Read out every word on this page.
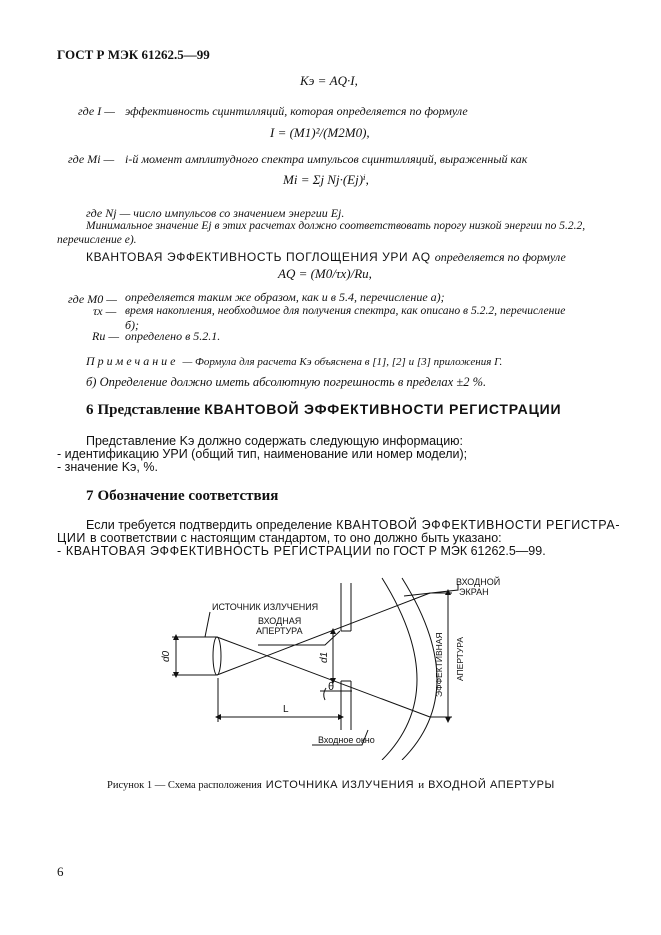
ГОСТ Р МЭК 61262.5—99
Kэ = AQ·I,
где I — эффективность сцинтилляций, которая определяется по формуле
I = (M1)²/(M2M0),
где Mi — i-й момент амплитудного спектра импульсов сцинтилляций, выраженный как
Mi = Σj Nj·(Ej)ⁱ,
где Nj — число импульсов со значением энергии Ej.
Минимальное значение Ej в этих расчетах должно соответствовать порогу низкой энергии по 5.2.2,
перечисление е).
КВАНТОВАЯ ЭФФЕКТИВНОСТЬ ПОГЛОЩЕНИЯ УРИ AQ определяется по формуле
AQ = (M0/τx)/Ru,
где M0 — определяется таким же образом, как и в 5.4, перечисление а);
τx — время накопления, необходимое для получения спектра, как описано в 5.2.2, перечисление
б);
Ru — определено в 5.2.1.
Примечание — Формула для расчета Kэ объяснена в [1], [2] и [3] приложения Г.
б) Определение должно иметь абсолютную погрешность в пределах ±2 %.
6 Представление КВАНТОВОЙ ЭФФЕКТИВНОСТИ РЕГИСТРАЦИИ
Представление Kэ должно содержать следующую информацию:
- идентификацию УРИ (общий тип, наименование или номер модели);
- значение Kэ, %.
7 Обозначение соответствия
Если требуется подтвердить определение КВАНТОВОЙ ЭФФЕКТИВНОСТИ РЕГИСТРА-
ЦИИ в соответствии с настоящим стандартом, то оно должно быть указано:
- КВАНТОВАЯ ЭФФЕКТИВНОСТЬ РЕГИСТРАЦИИ по ГОСТ Р МЭК 61262.5—99.
ИСТОЧНИК ИЗЛУЧЕНИЯ
ВХОДНАЯ
АПЕРТУРА
ВХОДНОЙ
ЭКРАН
Входное окно
L
θ
d0	d1	ЭФФЕКТИВНАЯ АПЕРТУРА
Рисунок 1 — Схема расположения ИСТОЧНИКА ИЗЛУЧЕНИЯ и ВХОДНОЙ АПЕРТУРЫ
6
